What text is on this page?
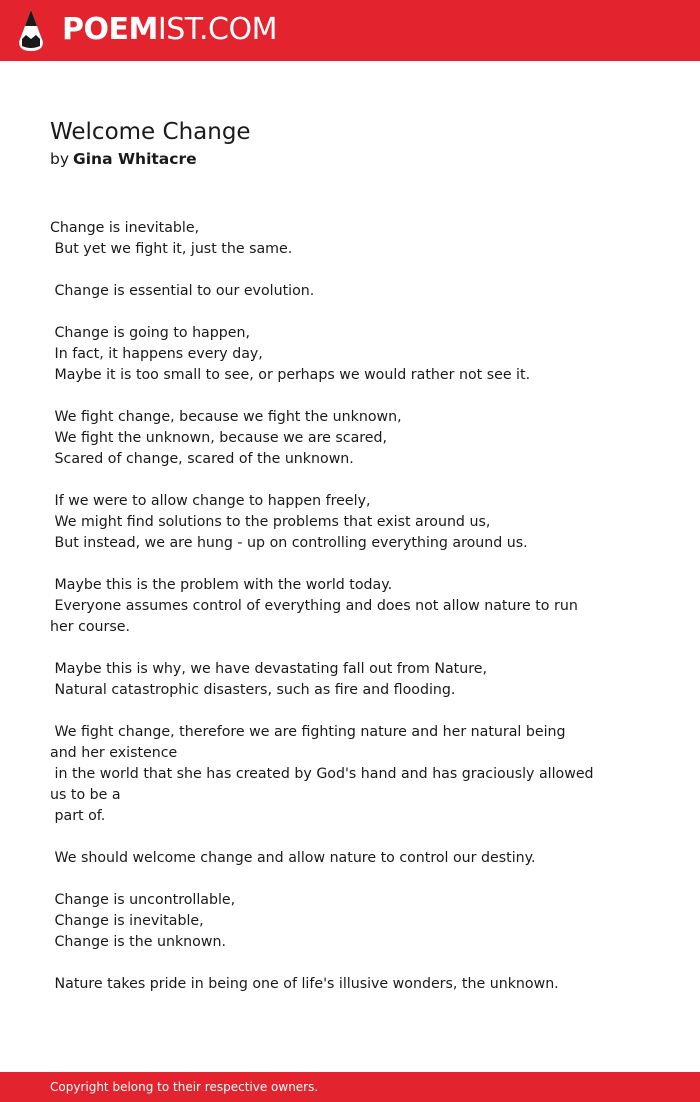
POEMIST.COM
Welcome Change
by Gina Whitacre
Change is inevitable,
But yet we fight it, just the same.
Change is essential to our evolution.
Change is going to happen,
In fact, it happens every day,
Maybe it is too small to see, or perhaps we would rather not see it.
We fight change, because we fight the unknown,
We fight the unknown, because we are scared,
Scared of change, scared of the unknown.
If we were to allow change to happen freely,
We might find solutions to the problems that exist around us,
But instead, we are hung - up on controlling everything around us.
Maybe this is the problem with the world today.
Everyone assumes control of everything and does not allow nature to run
her course.
Maybe this is why, we have devastating fall out from Nature,
Natural catastrophic disasters, such as fire and flooding.
We fight change, therefore we are fighting nature and her natural being
and her existence
in the world that she has created by God's hand and has graciously allowed
us to be a
part of.
We should welcome change and allow nature to control our destiny.
Change is uncontrollable,
Change is inevitable,
Change is the unknown.
Nature takes pride in being one of life's illusive wonders, the unknown.
Copyright belong to their respective owners.
